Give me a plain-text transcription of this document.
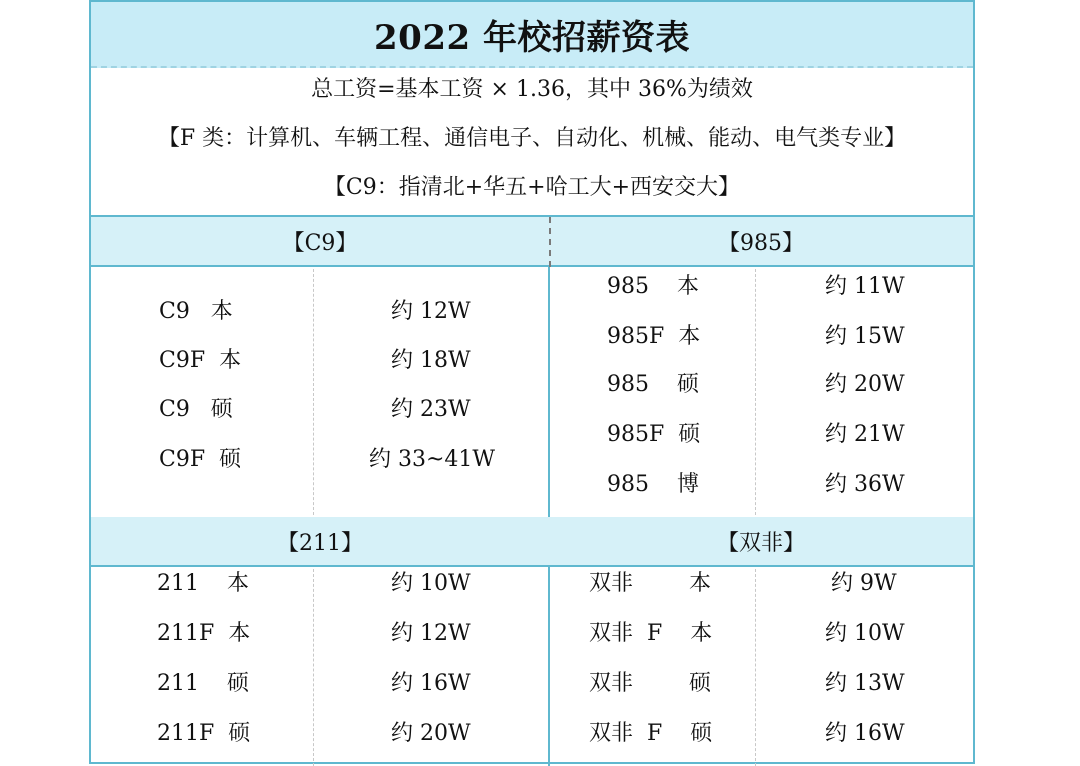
2022 年校招薪资表
总工资=基本工资 × 1.36，其中 36%为绩效
【F 类：计算机、车辆工程、通信电子、自动化、机械、能动、电气类专业】
【C9：指清北+华五+哈工大+西安交大】
【C9】	【985】
【211】	【双非】
C9   本	约 12W
C9F  本	约 18W
C9   硕	约 23W
C9F  硕	约 33~41W
985    本	约 11W
985F  本	约 15W
985    硕	约 20W
985F  硕	约 21W
985    博	约 36W
211    本	约 10W
211F  本	约 12W
211    硕	约 16W
211F  硕	约 20W
双非        本	约 9W
双非  F    本	约 10W
双非        硕	约 13W
双非  F    硕	约 16W
